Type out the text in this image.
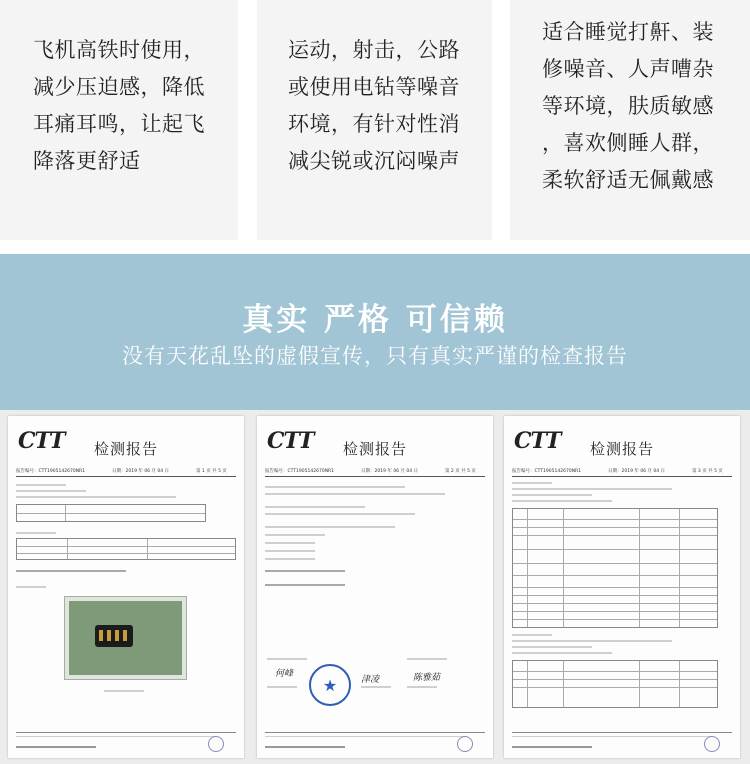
飞机高铁时使用，
减少压迫感，降低
耳痛耳鸣，让起飞
降落更舒适
运动，射击，公路
或使用电钻等噪音
环境，有针对性消
减尖锐或沉闷噪声
适合睡觉打鼾、装
修噪音、人声嘈杂
等环境，肤质敏感
，喜欢侧睡人群，
柔软舒适无佩戴感
真实 严格 可信赖
没有天花乱坠的虚假宣传，只有真实严谨的检查报告
CTT	检测报告
报告编号：CTT1905142670NR1	日期：2019 年 06 月 04 日	第 1 页 共 5 页
CTT	检测报告
报告编号：CTT1905142670NR1	日期：2019 年 06 月 04 日	第 2 页 共 5 页
何峰
★	津凌	陈雅茹
CTT	检测报告
报告编号：CTT1905142670NR1	日期：2019 年 06 月 04 日	第 3 页 共 5 页
